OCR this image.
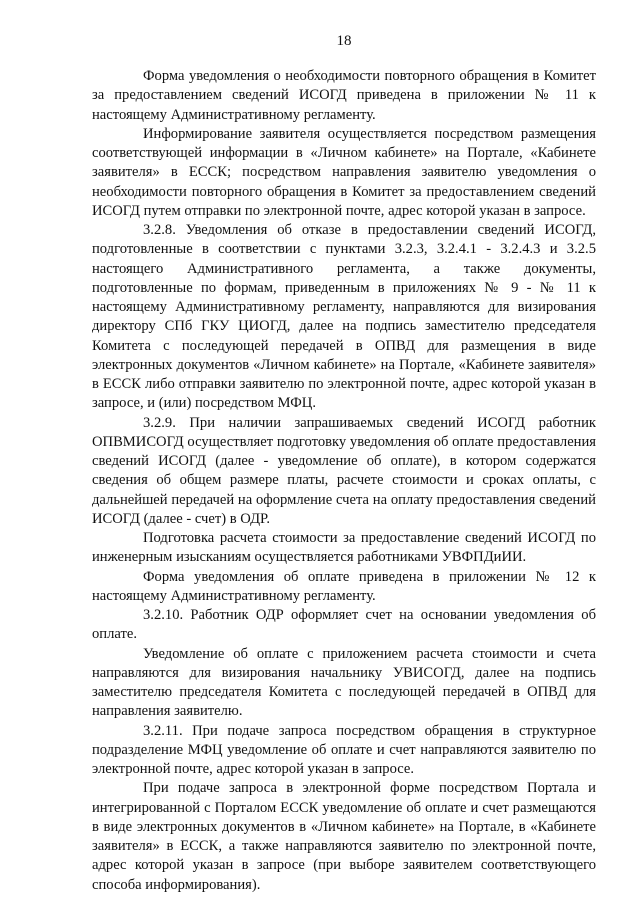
18

Форма уведомления о необходимости повторного обращения в Комитет за предоставлением сведений ИСОГД приведена в приложении № 11 к настоящему Административному регламенту.

Информирование заявителя осуществляется посредством размещения соответствующей информации в «Личном кабинете» на Портале, «Кабинете заявителя» в ЕССК; посредством направления заявителю уведомления о необходимости повторного обращения в Комитет за предоставлением сведений ИСОГД путем отправки по электронной почте, адрес которой указан в запросе.

3.2.8. Уведомления об отказе в предоставлении сведений ИСОГД, подготовленные в соответствии с пунктами 3.2.3, 3.2.4.1 - 3.2.4.3 и 3.2.5 настоящего Административного регламента, а также документы, подготовленные по формам, приведенным в приложениях № 9 - № 11 к настоящему Административному регламенту, направляются для визирования директору СПб ГКУ ЦИОГД, далее на подпись заместителю председателя Комитета с последующей передачей в ОПВД для размещения в виде электронных документов «Личном кабинете» на Портале, «Кабинете заявителя» в ЕССК либо отправки заявителю по электронной почте, адрес которой указан в запросе, и (или) посредством МФЦ.

3.2.9. При наличии запрашиваемых сведений ИСОГД работник ОПВМИСОГД осуществляет подготовку уведомления об оплате предоставления сведений ИСОГД (далее - уведомление об оплате), в котором содержатся сведения об общем размере платы, расчете стоимости и сроках оплаты, с дальнейшей передачей на оформление счета на оплату предоставления сведений ИСОГД (далее - счет) в ОДР.

Подготовка расчета стоимости за предоставление сведений ИСОГД по инженерным изысканиям осуществляется работниками УВФПДиИИ.

Форма уведомления об оплате приведена в приложении № 12 к настоящему Административному регламенту.

3.2.10. Работник ОДР оформляет счет на основании уведомления об оплате.

Уведомление об оплате с приложением расчета стоимости и счета направляются для визирования начальнику УВИСОГД, далее на подпись заместителю председателя Комитета с последующей передачей в ОПВД для направления заявителю.

3.2.11. При подаче запроса посредством обращения в структурное подразделение МФЦ уведомление об оплате и счет направляются заявителю по электронной почте, адрес которой указан в запросе.

При подаче запроса в электронной форме посредством Портала и интегрированной с Порталом ЕССК уведомление об оплате и счет размещаются в виде электронных документов в «Личном кабинете» на Портале, в «Кабинете заявителя» в ЕССК, а также направляются заявителю по электронной почте, адрес которой указан в запросе (при выборе заявителем соответствующего способа информирования).
